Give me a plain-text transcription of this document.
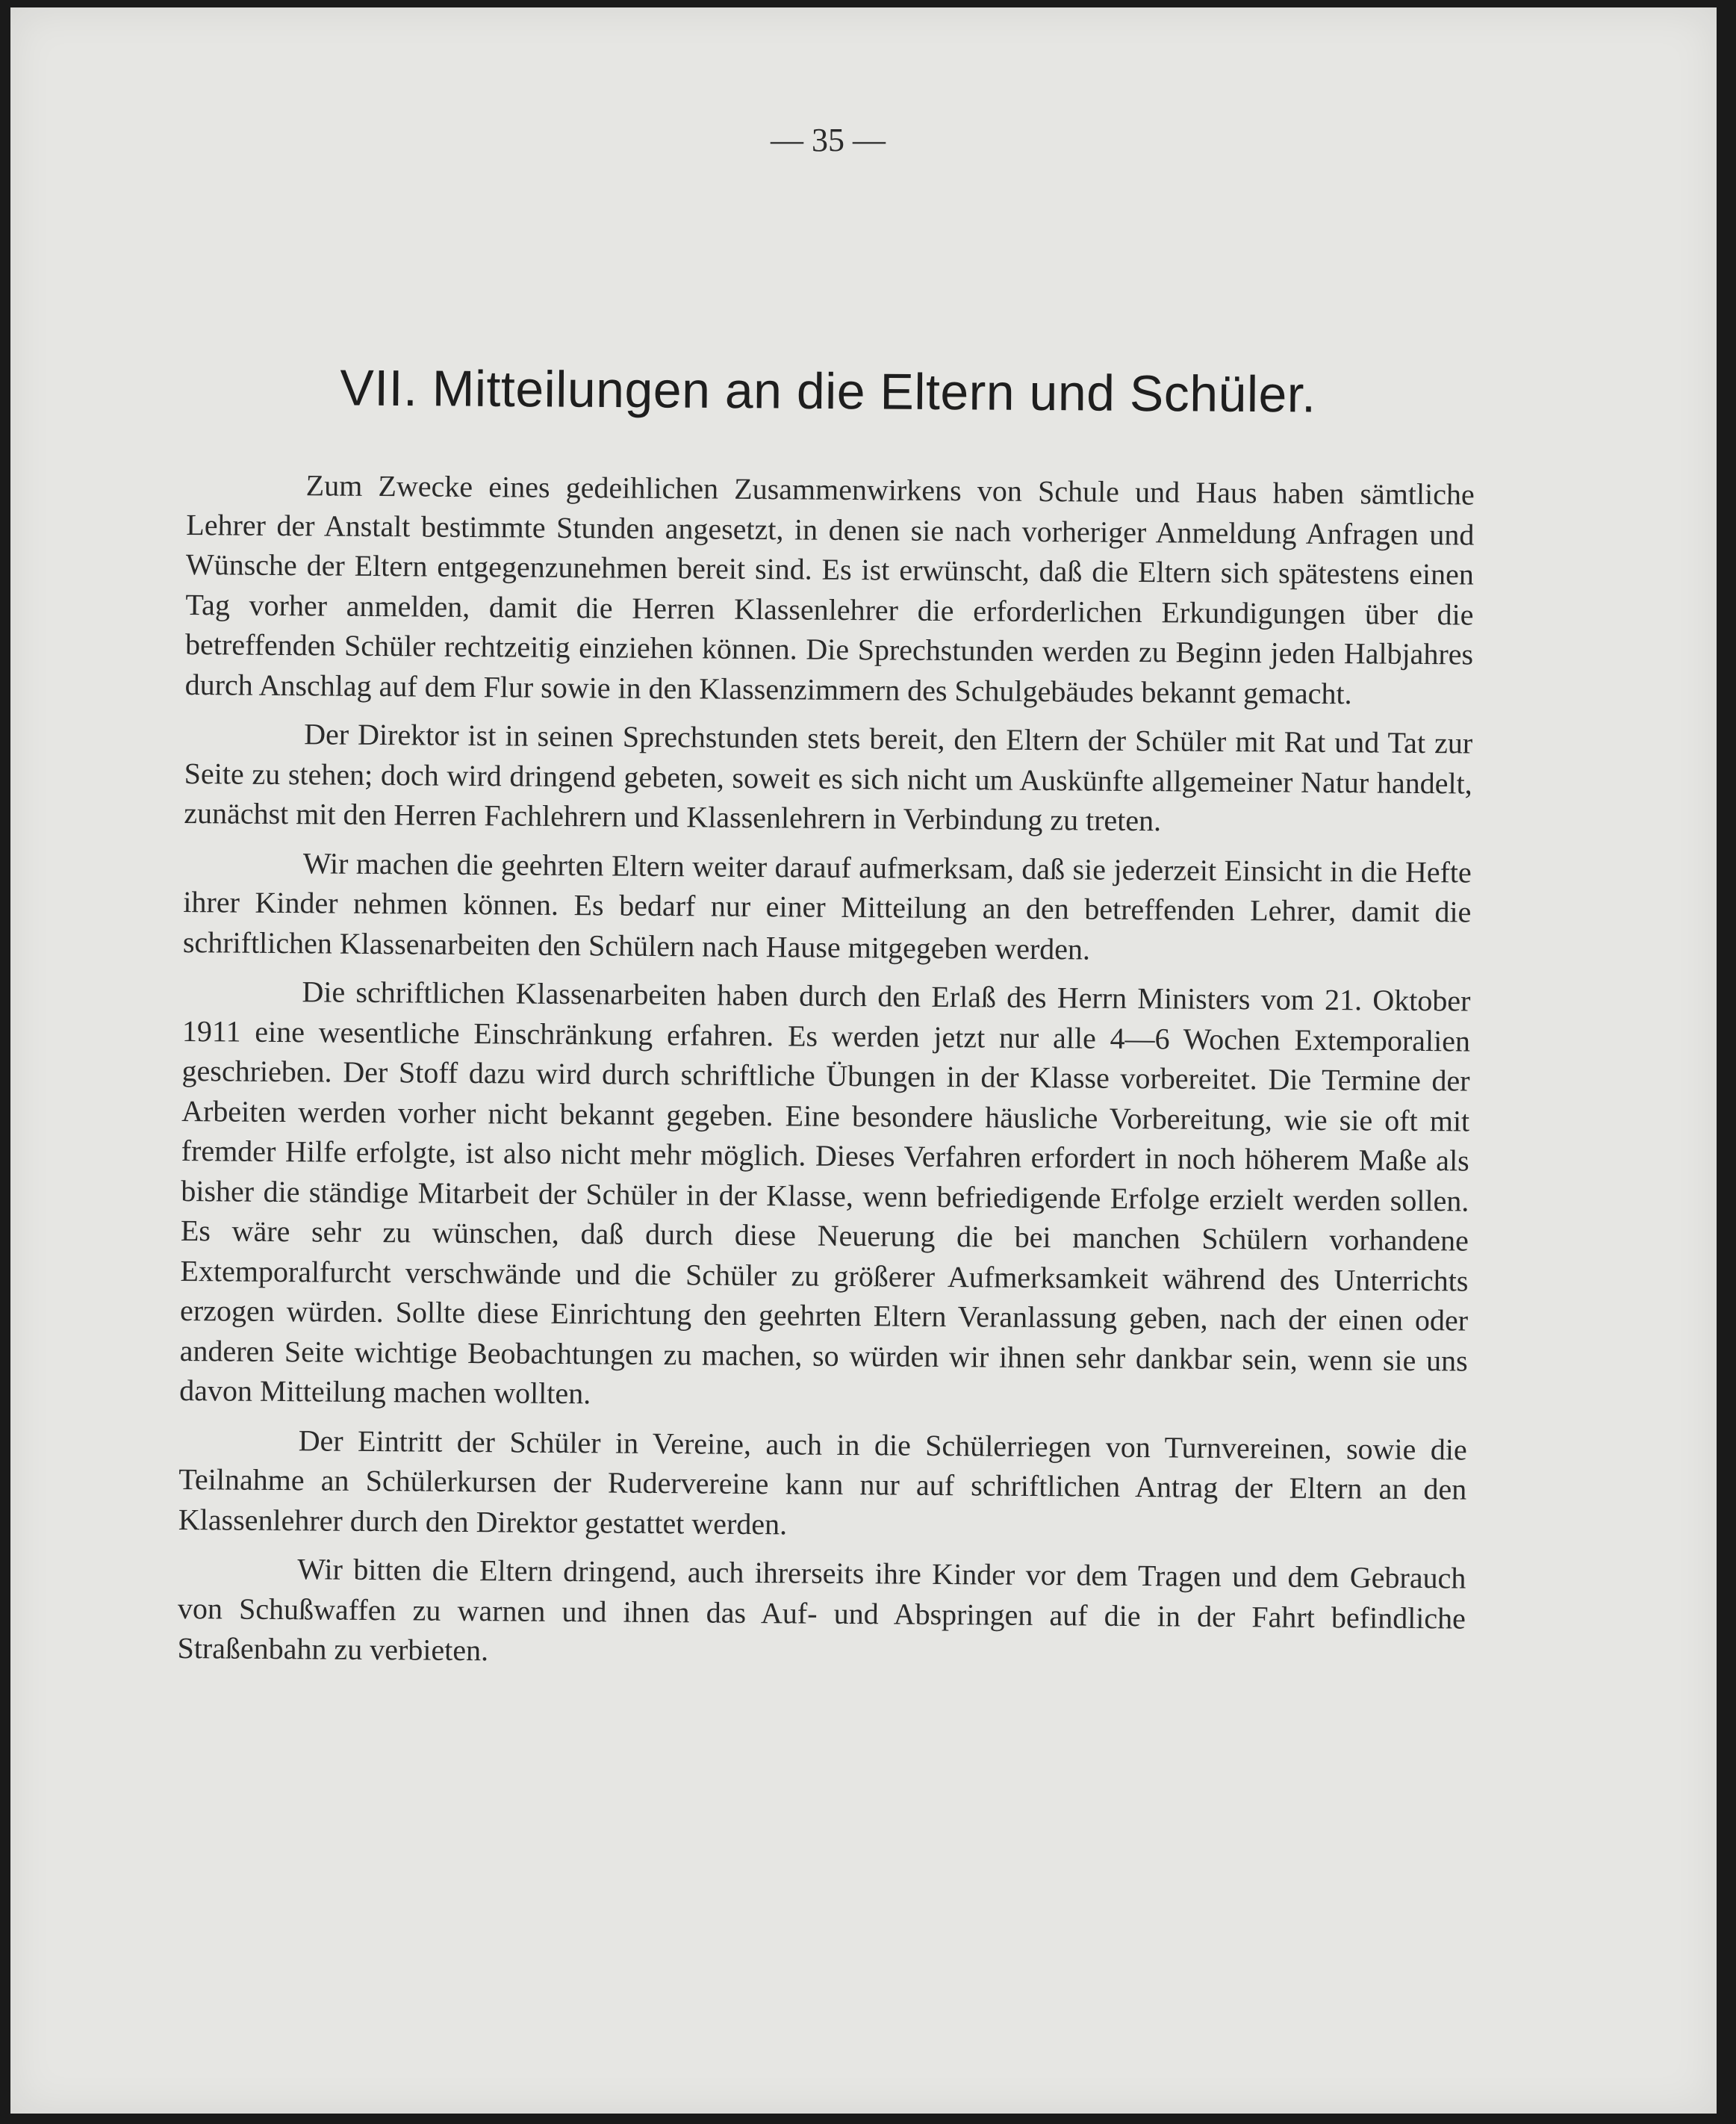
— 35 —
VII. Mitteilungen an die Eltern und Schüler.

Zum Zwecke eines gedeihlichen Zusammenwirkens von Schule und Haus haben sämtliche Lehrer der Anstalt bestimmte Stunden angesetzt, in denen sie nach vorheriger Anmeldung Anfragen und Wünsche der Eltern entgegenzunehmen bereit sind. Es ist erwünscht, daß die Eltern sich spätestens einen Tag vorher anmelden, damit die Herren Klassenlehrer die erforderlichen Erkundigungen über die betreffenden Schüler rechtzeitig einziehen können. Die Sprechstunden werden zu Beginn jeden Halbjahres durch Anschlag auf dem Flur sowie in den Klassenzimmern des Schulgebäudes bekannt gemacht.

Der Direktor ist in seinen Sprechstunden stets bereit, den Eltern der Schüler mit Rat und Tat zur Seite zu stehen; doch wird dringend gebeten, soweit es sich nicht um Auskünfte allgemeiner Natur handelt, zunächst mit den Herren Fachlehrern und Klassenlehrern in Verbindung zu treten.

Wir machen die geehrten Eltern weiter darauf aufmerksam, daß sie jederzeit Einsicht in die Hefte ihrer Kinder nehmen können. Es bedarf nur einer Mitteilung an den betreffenden Lehrer, damit die schriftlichen Klassenarbeiten den Schülern nach Hause mitgegeben werden.

Die schriftlichen Klassenarbeiten haben durch den Erlaß des Herrn Ministers vom 21. Oktober 1911 eine wesentliche Einschränkung erfahren. Es werden jetzt nur alle 4—6 Wochen Extemporalien geschrieben. Der Stoff dazu wird durch schriftliche Übungen in der Klasse vorbereitet. Die Termine der Arbeiten werden vorher nicht bekannt gegeben. Eine besondere häusliche Vorbereitung, wie sie oft mit fremder Hilfe erfolgte, ist also nicht mehr möglich. Dieses Verfahren erfordert in noch höherem Maße als bisher die ständige Mitarbeit der Schüler in der Klasse, wenn befriedigende Erfolge erzielt werden sollen. Es wäre sehr zu wünschen, daß durch diese Neuerung die bei manchen Schülern vorhandene Extemporalfurcht verschwände und die Schüler zu größerer Aufmerksamkeit während des Unterrichts erzogen würden. Sollte diese Einrichtung den geehrten Eltern Veranlassung geben, nach der einen oder anderen Seite wichtige Beobachtungen zu machen, so würden wir ihnen sehr dankbar sein, wenn sie uns davon Mitteilung machen wollten.

Der Eintritt der Schüler in Vereine, auch in die Schülerriegen von Turnvereinen, sowie die Teilnahme an Schülerkursen der Rudervereine kann nur auf schriftlichen Antrag der Eltern an den Klassenlehrer durch den Direktor gestattet werden.

Wir bitten die Eltern dringend, auch ihrerseits ihre Kinder vor dem Tragen und dem Gebrauch von Schußwaffen zu warnen und ihnen das Auf- und Abspringen auf die in der Fahrt befindliche Straßenbahn zu verbieten.
